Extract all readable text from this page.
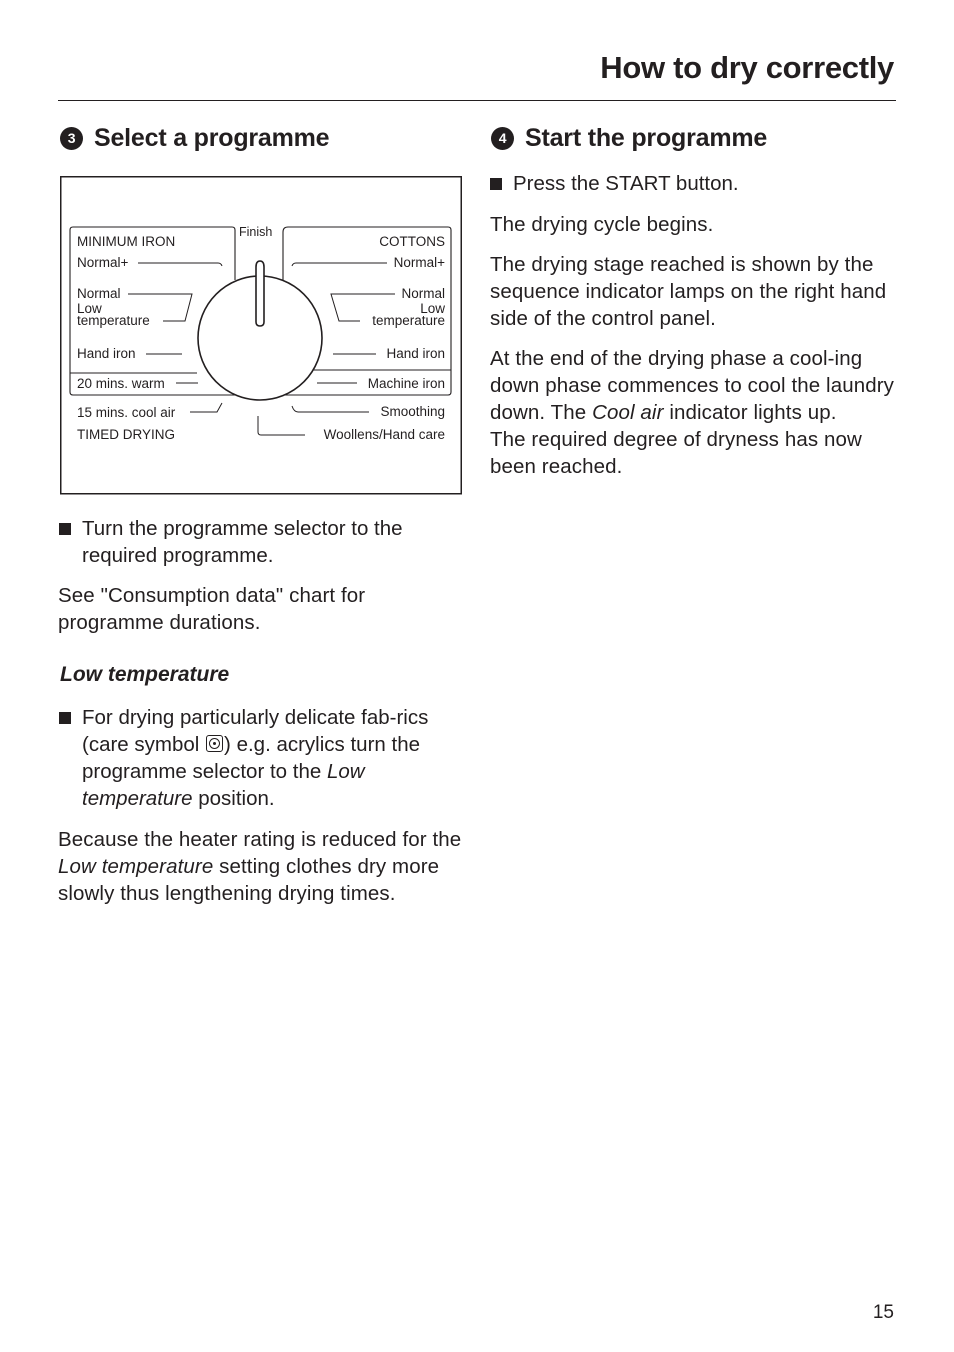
How to dry correctly
3 Select a programme
Finish
MINIMUM IRON
Normal+
Normal
Low
temperature
Hand iron
20 mins. warm
15 mins. cool air
TIMED DRYING
COTTONS
Normal+
Normal
Low
temperature
Hand iron
Machine iron
Smoothing
Woollens/Hand care
Turn the programme selector to the required programme.
See "Consumption data" chart for programme durations.
Low temperature
For drying particularly delicate fab-rics (care symbol ) e.g. acrylics turn the programme selector to the Low temperature position.
Because the heater rating is reduced for the Low temperature setting clothes dry more slowly thus lengthening drying times.
4 Start the programme
Press the START button.
The drying cycle begins.
The drying stage reached is shown by the sequence indicator lamps on the right hand side of the control panel.
At the end of the drying phase a cool-ing down phase commences to cool the laundry down. The Cool air indicator lights up.
The required degree of dryness has now been reached.
15
